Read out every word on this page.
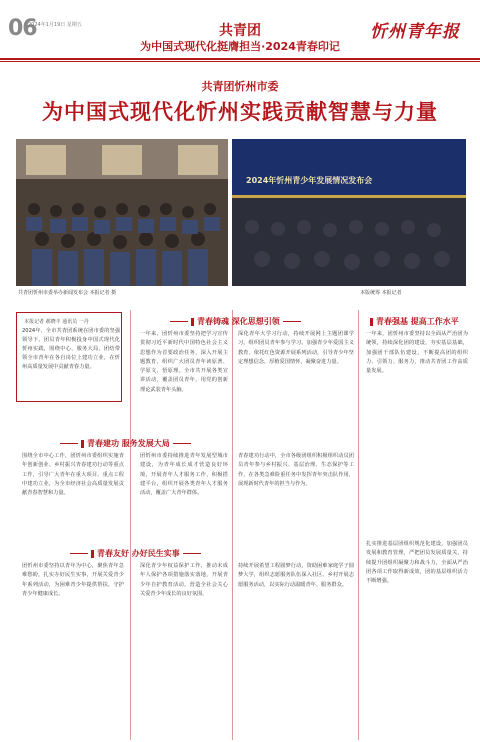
06
2024年1月19日 星期五	共青团
为中国式现代化挺膺担当·2024青春印记
忻州青年报
共青团忻州市委
为中国式现代化忻州实践贡献智慧与力量
2024年忻州青少年发展情况发布会
共青团忻州市委举办新闻发布会 本报记者 摄	本版统筹 本报记者
本报记者 郝晓丰 通讯员 一丹
2024年，全市共青团系统在团市委的坚强领导下，团员青年积极投身中国式现代化忻州实践，围绕中心、服务大局，团结带领全市青年在各自岗位上建功立业，在忻州高质量发展中贡献青春力量。
青春铸魂 深化思想引领	青春强基 提高工作水平
一年来，团忻州市委坚持把学习宣传贯彻习近平新时代中国特色社会主义思想作为首要政治任务，深入开展主题教育，组织广大团员青年读原著、学原文、悟原理。全市共开展各类宣讲活动，覆盖团员青年，用党的创新理论武装青年头脑。
深化青年大学习行动，持续开展网上主题团课学习，组织团员青年参与学习。加强青少年爱国主义教育，依托红色资源开展系列活动，引导青少年坚定理想信念，厚植爱国情怀，凝聚奋进力量。
一年来，团忻州市委坚持以全面从严治团为统领，持续深化团的建设，夯实基层基础，加强团干部队伍建设，不断提高团的组织力、引领力、服务力，推动共青团工作高质量发展。
青春建功 服务发展大局
围绕全市中心工作，团忻州市委组织实施青年创新创业、乡村振兴青春建功行动等重点工作，引导广大青年在重大项目、重点工程中建功立业，为全市经济社会高质量发展贡献青春智慧和力量。
团忻州市委持续推进青年发展型城市建设，为青年成长成才营造良好环境，开展青年人才服务工作，积极搭建平台，组织开展各类青年人才服务活动，覆盖广大青年群体。
青春建功行动中，全市各级团组织积极组织动员团员青年参与乡村振兴、基层治理、生态保护等工作，在各类急难险重任务中发挥青年突击队作用，展现新时代青年的担当与作为。
扎实推进基层团组织规范化建设，加强团员发展和教育管理，严把团员发展质量关，持续提升团组织凝聚力和战斗力，全面从严治团各项工作取得新成效，团的基层组织活力不断增强。
青春友好 办好民生实事
团忻州市委坚持以青年为中心，聚焦青年急难愁盼，扎实办好民生实事，开展关爱青少年系列活动，为困难青少年提供帮扶，守护青少年健康成长。
深化青少年权益保护工作，推动未成年人保护各项措施落实落地，开展青少年自护教育活动，营造全社会关心关爱青少年成长的良好氛围。
持续开展希望工程圆梦行动，资助困难家庭学子圆梦大学，组织志愿服务队伍深入社区、乡村开展志愿服务活动，以实际行动温暖青年、服务群众。
